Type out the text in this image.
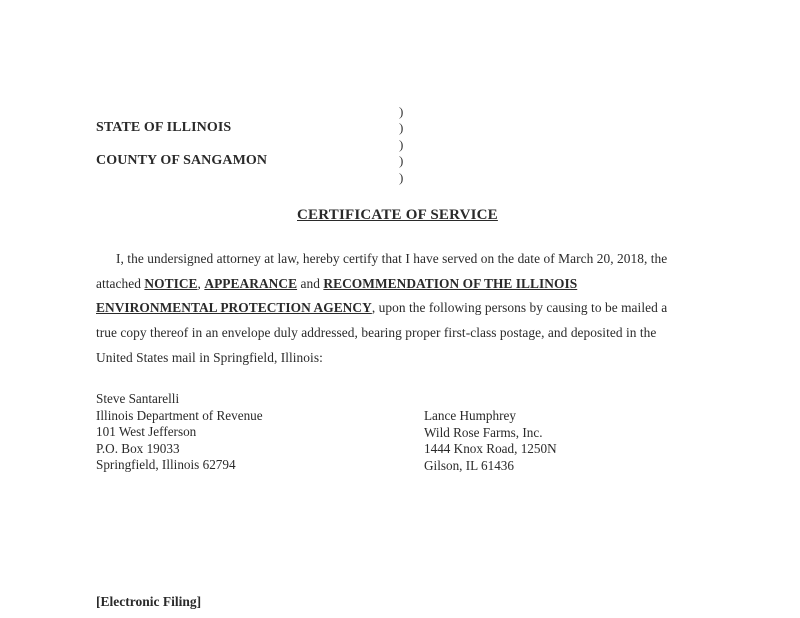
STATE OF ILLINOIS
COUNTY OF SANGAMON
)
)
)
)
)
CERTIFICATE OF SERVICE
I, the undersigned attorney at law, hereby certify that I have served on the date of March 20, 2018, the
attached NOTICE, APPEARANCE and RECOMMENDATION OF THE ILLINOIS
ENVIRONMENTAL PROTECTION AGENCY, upon the following persons by causing to be mailed a
true copy thereof in an envelope duly addressed, bearing proper first-class postage, and deposited in the
United States mail in Springfield, Illinois:
Steve Santarelli
Illinois Department of Revenue
101 West Jefferson
P.O. Box 19033
Springfield, Illinois 62794
Lance Humphrey
Wild Rose Farms, Inc.
1444 Knox Road, 1250N
Gilson, IL 61436
[Electronic Filing]
